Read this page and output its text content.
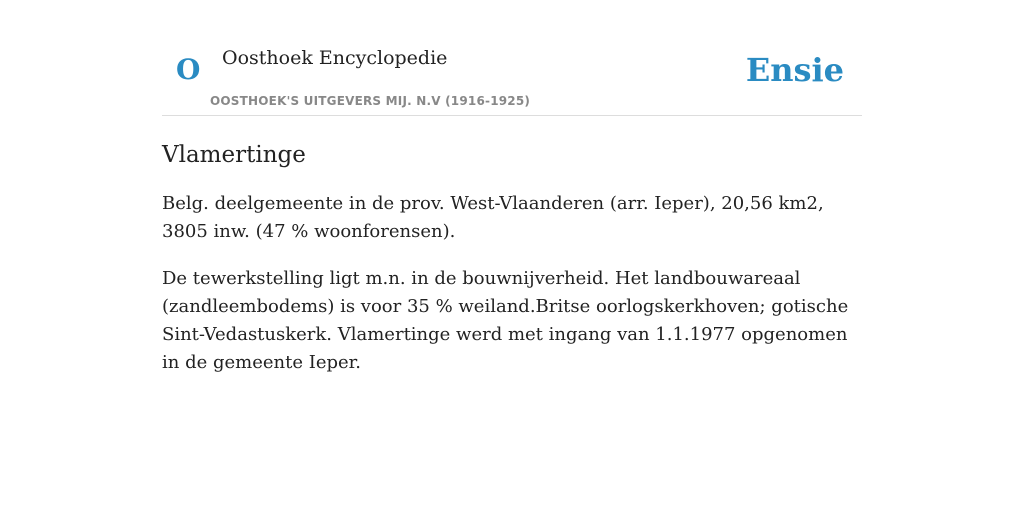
O Oosthoek Encyclopedie
OOSTHOEK'S UITGEVERS MIJ. N.V (1916-1925)
Ensie
Vlamertinge

Belg. deelgemeente in de prov. West-Vlaanderen (arr. Ieper), 20,56 km2, 3805 inw. (47 % woonforensen).

De tewerkstelling ligt m.n. in de bouwnijverheid. Het landbouwareaal (zandleembodems) is voor 35 % weiland.Britse oorlogskerkhoven; gotische Sint-Vedastuskerk. Vlamertinge werd met ingang van 1.1.1977 opgenomen in de gemeente Ieper.
